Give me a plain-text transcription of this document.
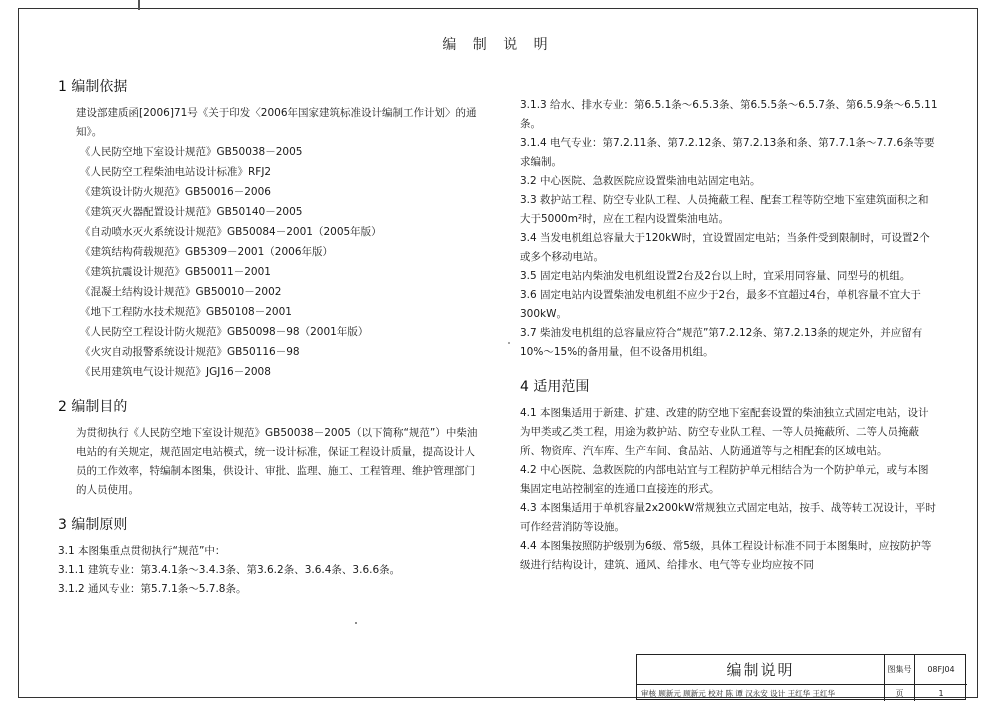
编 制 说 明
1 编制依据

建设部建质函[2006]71号《关于印发〈2006年国家建筑标准设计编制工作计划〉的通知》。

《人民防空地下室设计规范》GB50038－2005

《人民防空工程柴油电站设计标准》RFJ2

《建筑设计防火规范》GB50016－2006

《建筑灭火器配置设计规范》GB50140－2005

《自动喷水灭火系统设计规范》GB50084－2001（2005年版）

《建筑结构荷载规范》GB5309－2001（2006年版）

《建筑抗震设计规范》GB50011－2001

《混凝土结构设计规范》GB50010－2002

《地下工程防水技术规范》GB50108－2001

《人民防空工程设计防火规范》GB50098－98（2001年版）

《火灾自动报警系统设计规范》GB50116－98

《民用建筑电气设计规范》JGJ16－2008

2 编制目的

为贯彻执行《人民防空地下室设计规范》GB50038－2005（以下简称“规范”）中柴油电站的有关规定，规范固定电站模式，统一设计标准，保证工程设计质量，提高设计人员的工作效率，特编制本图集，供设计、审批、监理、施工、工程管理、维护管理部门的人员使用。

3 编制原则

3.1 本图集重点贯彻执行“规范”中：

3.1.1 建筑专业：第3.4.1条～3.4.3条、第3.6.2条、3.6.4条、3.6.6条。

3.1.2 通风专业：第5.7.1条～5.7.8条。

3.1.3 给水、排水专业：第6.5.1条～6.5.3条、第6.5.5条～6.5.7条、第6.5.9条～6.5.11条。

3.1.4 电气专业：第7.2.11条、第7.2.12条、第7.2.13条和条、第7.7.1条～7.7.6条等要求编制。

3.2 中心医院、急救医院应设置柴油电站固定电站。

3.3 救护站工程、防空专业队工程、人员掩蔽工程、配套工程等防空地下室建筑面积之和大于5000m²时，应在工程内设置柴油电站。

3.4 当发电机组总容量大于120kW时，宜设置固定电站；当条件受到限制时，可设置2个或多个移动电站。

3.5 固定电站内柴油发电机组设置2台及2台以上时，宜采用同容量、同型号的机组。

3.6 固定电站内设置柴油发电机组不应少于2台，最多不宜超过4台，单机容量不宜大于300kW。

3.7 柴油发电机组的总容量应符合“规范”第7.2.12条、第7.2.13条的规定外，并应留有10%～15%的备用量，但不设备用机组。

4 适用范围

4.1 本图集适用于新建、扩建、改建的防空地下室配套设置的柴油独立式固定电站，设计为甲类或乙类工程，用途为救护站、防空专业队工程、一等人员掩蔽所、二等人员掩蔽所、物资库、汽车库、生产车间、食品站、人防通道等与之相配套的区域电站。

4.2 中心医院、急救医院的内部电站宜与工程防护单元相结合为一个防护单元，或与本图集固定电站控制室的连通口直接连的形式。

4.3 本图集适用于单机容量2x200kW常规独立式固定电站，按手、战等转工况设计，平时可作经营消防等设施。

4.4 本图集按照防护级别为6级、常5级，具体工程设计标准不同于本图集时，应按防护等级进行结构设计，建筑、通风、给排水、电气等专业均应按不同

编制说明	图集号	08FJ04
审核 顾新元 顾新元 校对 陈 谭 汉永安 设计 王红华 王红华	页	1
